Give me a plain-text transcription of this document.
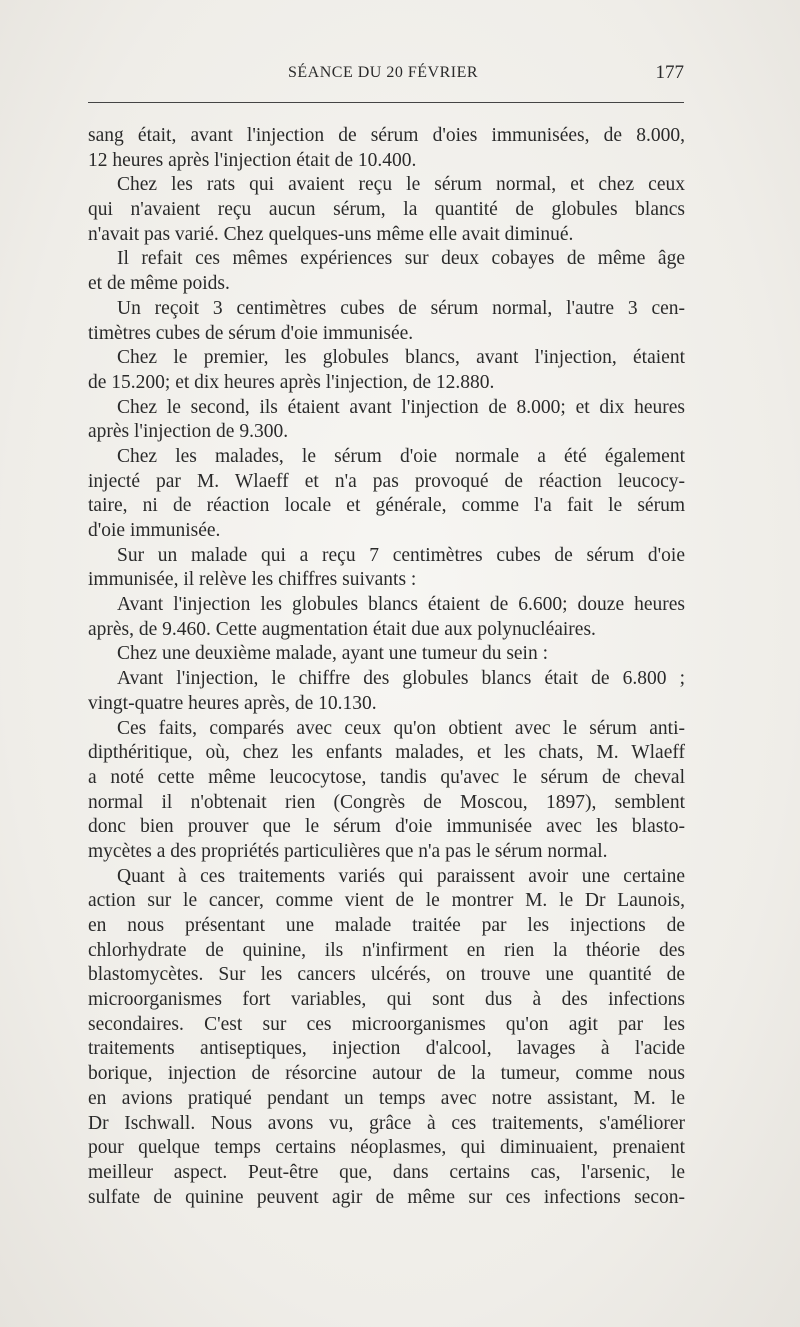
SÉANCE DU 20 FÉVRIER	177
sang était, avant l'injection de sérum d'oies immunisées, de 8.000,
12 heures après l'injection était de 10.400.
Chez les rats qui avaient reçu le sérum normal, et chez ceux
qui n'avaient reçu aucun sérum, la quantité de globules blancs
n'avait pas varié. Chez quelques-uns même elle avait diminué.
Il refait ces mêmes expériences sur deux cobayes de même âge
et de même poids.
Un reçoit 3 centimètres cubes de sérum normal, l'autre 3 cen-
timètres cubes de sérum d'oie immunisée.
Chez le premier, les globules blancs, avant l'injection, étaient
de 15.200; et dix heures après l'injection, de 12.880.
Chez le second, ils étaient avant l'injection de 8.000; et dix heures
après l'injection de 9.300.
Chez les malades, le sérum d'oie normale a été également
injecté par M. Wlaeff et n'a pas provoqué de réaction leucocy-
taire, ni de réaction locale et générale, comme l'a fait le sérum
d'oie immunisée.
Sur un malade qui a reçu 7 centimètres cubes de sérum d'oie
immunisée, il relève les chiffres suivants :
Avant l'injection les globules blancs étaient de 6.600; douze heures
après, de 9.460. Cette augmentation était due aux polynucléaires.
Chez une deuxième malade, ayant une tumeur du sein :
Avant l'injection, le chiffre des globules blancs était de 6.800 ;
vingt-quatre heures après, de 10.130.
Ces faits, comparés avec ceux qu'on obtient avec le sérum anti-
dipthéritique, où, chez les enfants malades, et les chats, M. Wlaeff
a noté cette même leucocytose, tandis qu'avec le sérum de cheval
normal il n'obtenait rien (Congrès de Moscou, 1897), semblent
donc bien prouver que le sérum d'oie immunisée avec les blasto-
mycètes a des propriétés particulières que n'a pas le sérum normal.
Quant à ces traitements variés qui paraissent avoir une certaine
action sur le cancer, comme vient de le montrer M. le Dr Launois,
en nous présentant une malade traitée par les injections de
chlorhydrate de quinine, ils n'infirment en rien la théorie des
blastomycètes. Sur les cancers ulcérés, on trouve une quantité de
microorganismes fort variables, qui sont dus à des infections
secondaires. C'est sur ces microorganismes qu'on agit par les
traitements antiseptiques, injection d'alcool, lavages à l'acide
borique, injection de résorcine autour de la tumeur, comme nous
en avions pratiqué pendant un temps avec notre assistant, M. le
Dr Ischwall. Nous avons vu, grâce à ces traitements, s'améliorer
pour quelque temps certains néoplasmes, qui diminuaient, prenaient
meilleur aspect. Peut-être que, dans certains cas, l'arsenic, le
sulfate de quinine peuvent agir de même sur ces infections secon-
